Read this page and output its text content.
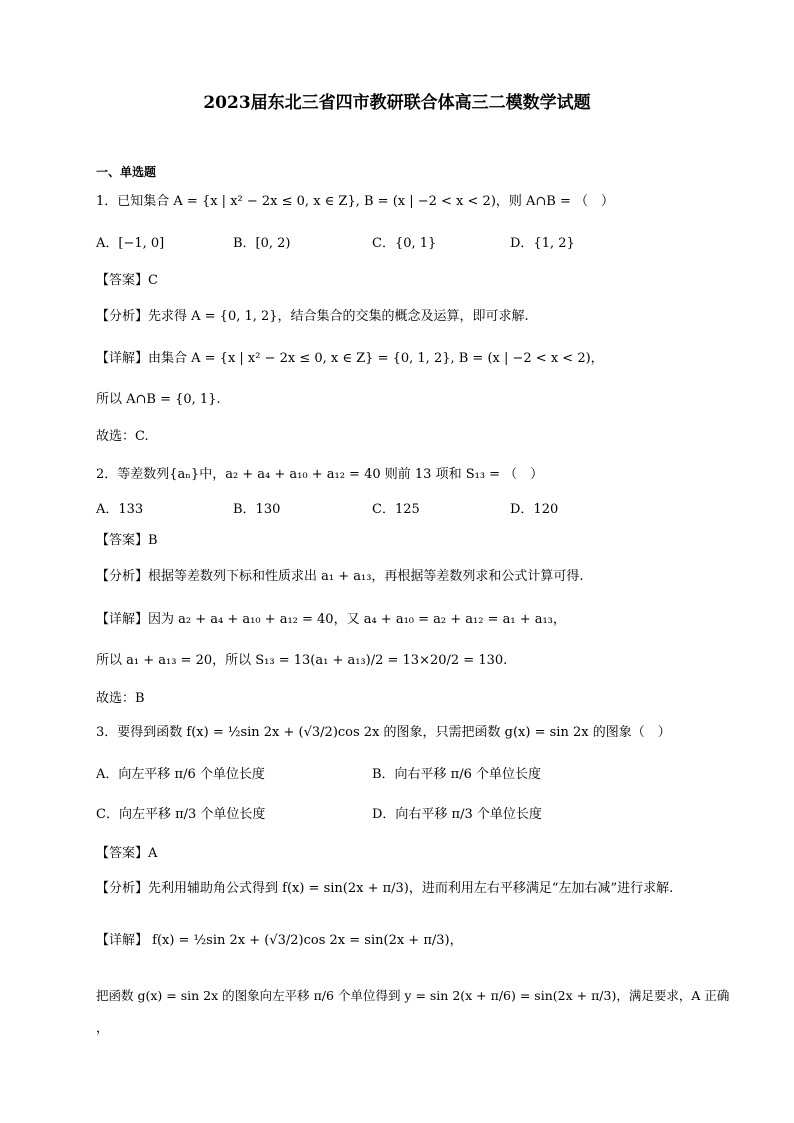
2023届东北三省四市教研联合体高三二模数学试题
一、单选题
1．已知集合 A = {x | x² − 2x ≤ 0, x ∈ Z}, B = (x | −2 < x < 2)，则 A∩B = （　）
A．[−1, 0]	B．[0, 2)	C．{0, 1}	D．{1, 2}
【答案】C
【分析】先求得 A = {0, 1, 2}，结合集合的交集的概念及运算，即可求解.
【详解】由集合 A = {x | x² − 2x ≤ 0, x ∈ Z} = {0, 1, 2}, B = (x | −2 < x < 2)，
所以 A∩B = {0, 1}.
故选：C.
2．等差数列{aₙ}中，a₂ + a₄ + a₁₀ + a₁₂ = 40 则前 13 项和 S₁₃ = （　）
A．133	B．130	C．125	D．120
【答案】B
【分析】根据等差数列下标和性质求出 a₁ + a₁₃，再根据等差数列求和公式计算可得.
【详解】因为 a₂ + a₄ + a₁₀ + a₁₂ = 40，又 a₄ + a₁₀ = a₂ + a₁₂ = a₁ + a₁₃，
所以 a₁ + a₁₃ = 20，所以 S₁₃ = 13(a₁ + a₁₃)/2 = 13×20/2 = 130.
故选：B
3．要得到函数 f(x) = ½sin 2x + (√3/2)cos 2x 的图象，只需把函数 g(x) = sin 2x 的图象（　）
A．向左平移 π/6 个单位长度	B．向右平移 π/6 个单位长度
C．向左平移 π/3 个单位长度	D．向右平移 π/3 个单位长度
【答案】A
【分析】先利用辅助角公式得到 f(x) = sin(2x + π/3)，进而利用左右平移满足“左加右减”进行求解.
【详解】 f(x) = ½sin 2x + (√3/2)cos 2x = sin(2x + π/3)，
把函数 g(x) = sin 2x 的图象向左平移 π/6 个单位得到 y = sin 2(x + π/6) = sin(2x + π/3)，满足要求，A 正确
，
